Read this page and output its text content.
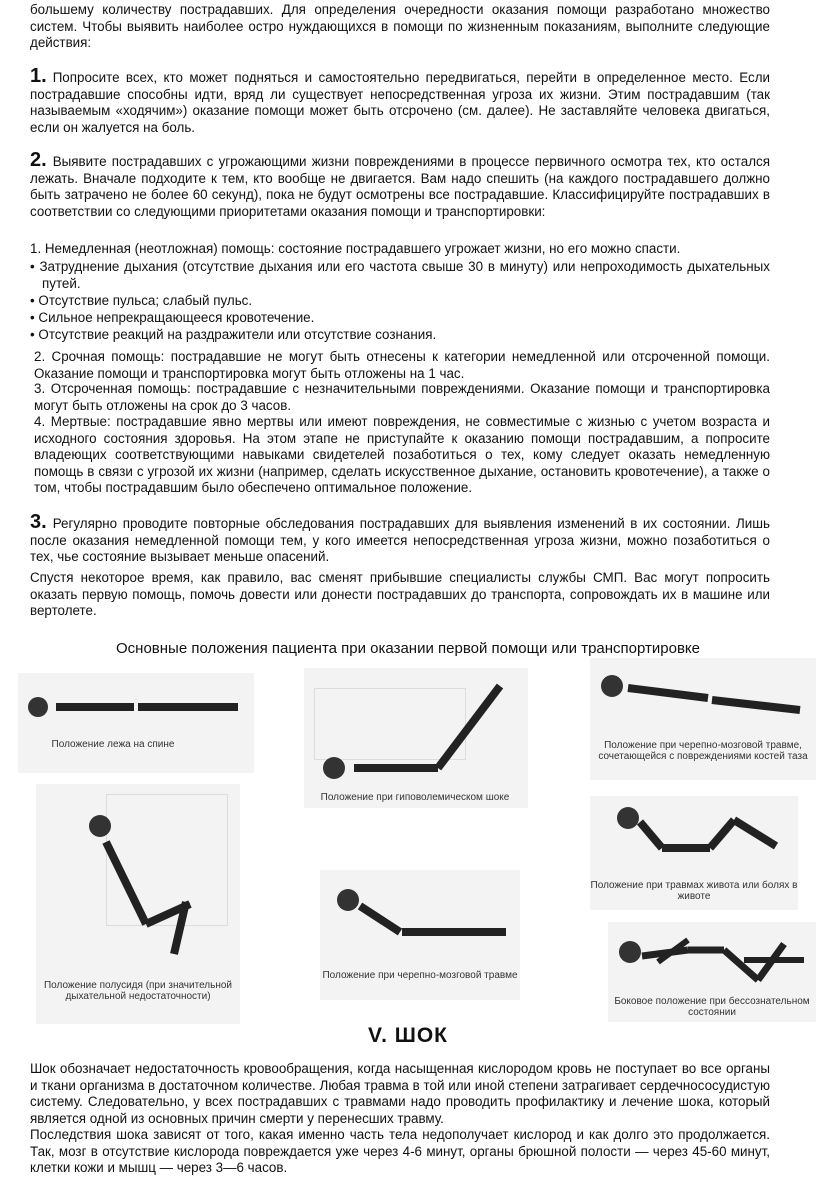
большему количеству пострадавших. Для определения очередности оказания помощи разработано множество систем. Чтобы выявить наиболее остро нуждающихся в помощи по жизненным показаниям, выполните следующие действия:

1. Попросите всех, кто может подняться и самостоятельно передвигаться, перейти в определенное место. Если пострадавшие способны идти, вряд ли существует непосредственная угроза их жизни. Этим пострадавшим (так называемым «ходячим») оказание помощи может быть отсрочено (см. далее). Не заставляйте человека двигаться, если он жалуется на боль.

2. Выявите пострадавших с угрожающими жизни повреждениями в процессе первичного осмотра тех, кто остался лежать. Вначале подходите к тем, кто вообще не двигается. Вам надо спешить (на каждого пострадавшего должно быть затрачено не более 60 секунд), пока не будут осмотрены все пострадавшие. Классифицируйте пострадавших в соответствии со следующими приоритетами оказания помощи и транспортировки:

1. Немедленная (неотложная) помощь: состояние пострадавшего угрожает жизни, но его можно спасти.

• Затруднение дыхания (отсутствие дыхания или его частота свыше 30 в минуту) или непроходимость дыхательных путей.

• Отсутствие пульса; слабый пульс.

• Сильное непрекращающееся кровотечение.

• Отсутствие реакций на раздражители или отсутствие сознания.

2. Срочная помощь: пострадавшие не могут быть отнесены к категории немедленной или отсроченной помощи. Оказание помощи и транспортировка могут быть отложены на 1 час.

3. Отсроченная помощь: пострадавшие с незначительными повреждениями. Оказание помощи и транспортировка могут быть отложены на срок до 3 часов.

4. Мертвые: пострадавшие явно мертвы или имеют повреждения, не совместимые с жизнью с учетом возраста и исходного состояния здоровья. На этом этапе не приступайте к оказанию помощи пострадавшим, а попросите владеющих соответствующими навыками свидетелей позаботиться о тех, кому следует оказать немедленную помощь в связи с угрозой их жизни (например, сделать искусственное дыхание, остановить кровотечение), а также о том, чтобы пострадавшим было обеспечено оптимальное положение.

3. Регулярно проводите повторные обследования пострадавших для выявления изменений в их состоянии. Лишь после оказания немедленной помощи тем, у кого имеется непосредственная угроза жизни, можно позаботиться о тех, чье состояние вызывает меньше опасений.

Спустя некоторое время, как правило, вас сменят прибывшие специалисты службы СМП. Вас могут попросить оказать первую помощь, помочь довести или донести пострадавших до транспорта, сопровождать их в машине или вертолете.

Основные положения пациента при оказании первой помощи или транспортировке
Положение лежа на спине
Положение при гиповолемическом шоке
Положение при черепно-мозговой травме, сочетающейся с повреждениями костей таза
Положение полусидя (при значительной дыхательной недостаточности)
Положение при черепно-мозговой травме
Положение при травмах живота или болях в животе
Боковое положение при бессознательном состоянии
V. ШОК

Шок обозначает недостаточность кровообращения, когда насыщенная кислородом кровь не поступает во все органы и ткани организма в достаточном количестве. Любая травма в той или иной степени затрагивает сердечнососудистую систему. Следовательно, у всех пострадавших с травмами надо проводить профилактику и лечение шока, который является одной из основных причин смерти у перенесших травму.

Последствия шока зависят от того, какая именно часть тела недополучает кислород и как долго это продолжается. Так, мозг в отсутствие кислорода повреждается уже через 4-6 минут, органы брюшной полости — через 45-60 минут, клетки кожи и мышц — через 3—6 часов.
